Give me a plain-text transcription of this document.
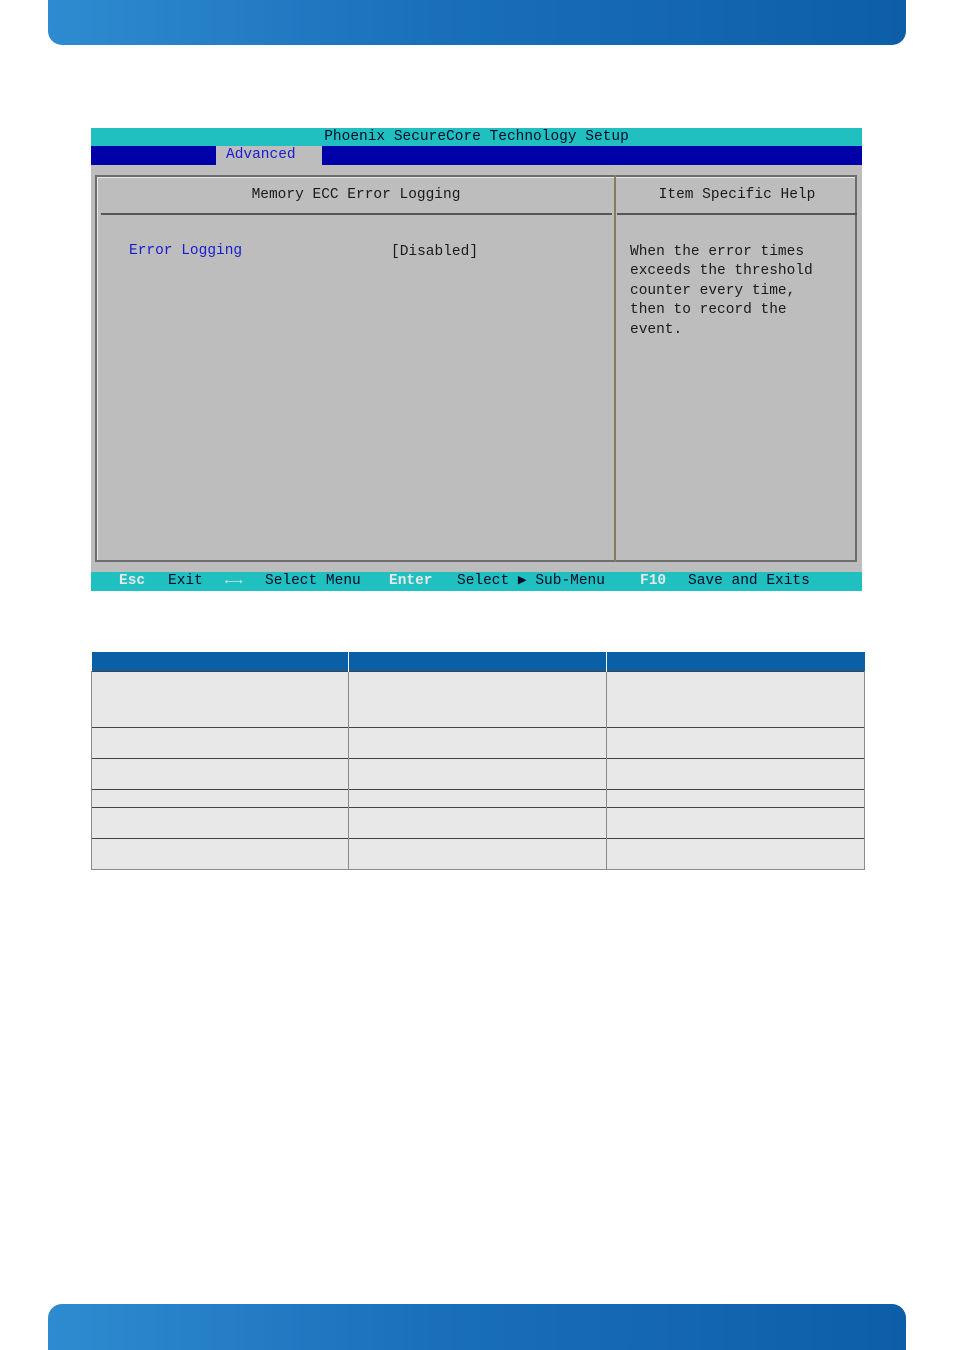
Phoenix SecureCore Technology Setup
Advanced
Memory ECC Error Logging	Item Specific Help
Error Logging	[Disabled]	When the error times
exceeds the threshold
counter every time,
then to record the
event.
Esc Exit ←→ Select Menu Enter Select ▶ Sub-Menu F10 Save and Exits
